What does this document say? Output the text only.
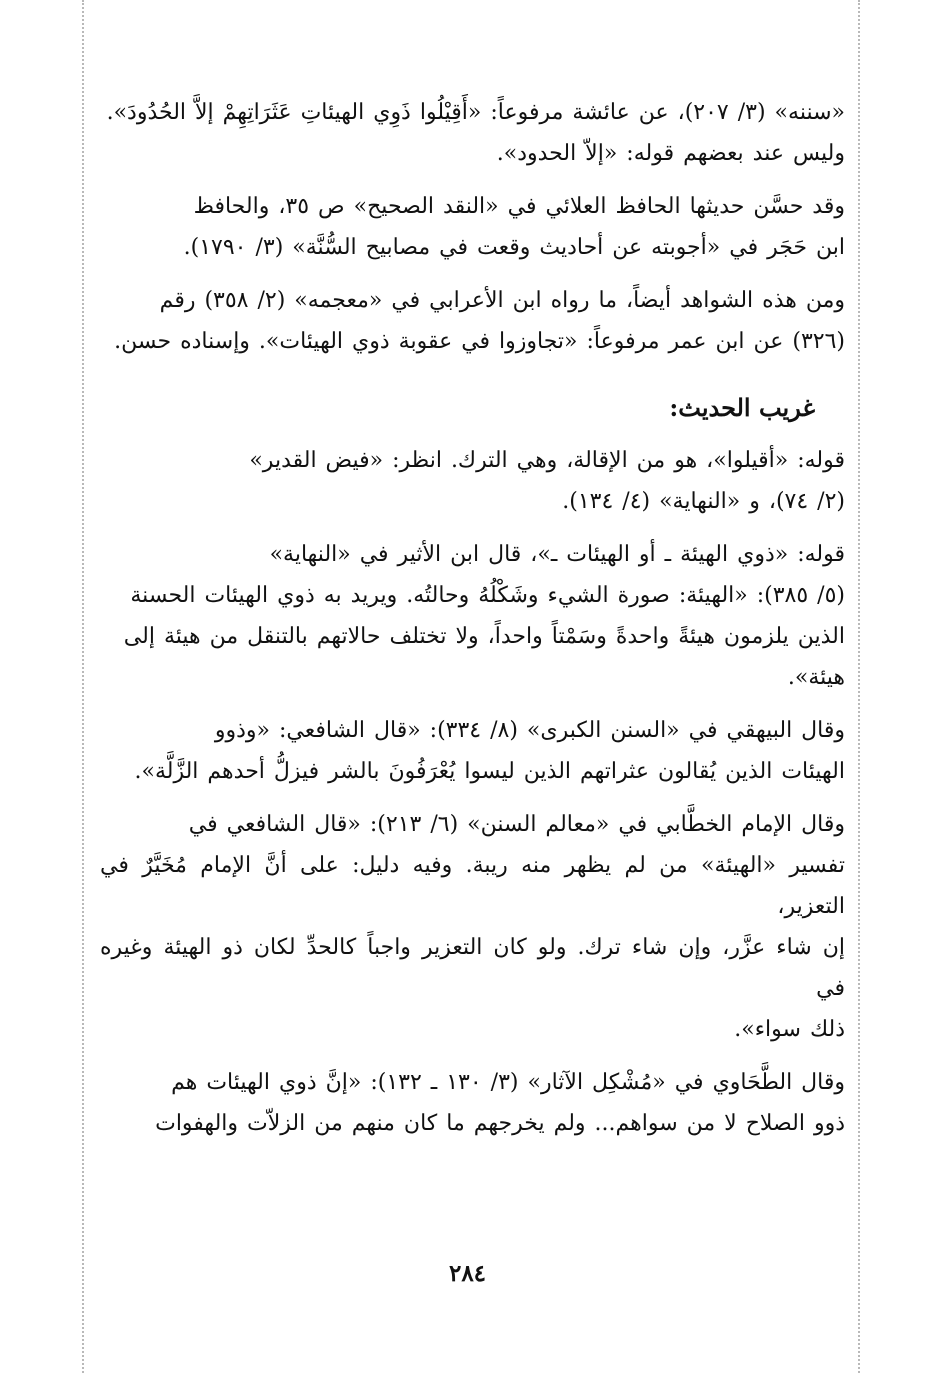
«سننه» (٣/ ٢٠٧)، عن عائشة مرفوعاً: «أَقِيْلُوا ذَوِي الهيئاتِ عَثَرَاتِهِمْ إلاَّ الحُدُودَ».
وليس عند بعضهم قوله: «إلاّ الحدود».

وقد حسَّن حديثها الحافظ العلائي في «النقد الصحيح» ص ٣٥، والحافظ
ابن حَجَر في «أجوبته عن أحاديث وقعت في مصابيح السُّنَّة» (٣/ ١٧٩٠).

ومن هذه الشواهد أيضاً، ما رواه ابن الأعرابي في «معجمه» (٢/ ٣٥٨) رقم
(٣٢٦) عن ابن عمر مرفوعاً: «تجاوزوا في عقوبة ذوي الهيئات». وإسناده حسن.

غريب الحديث:

قوله: «أقيلوا»، هو من الإقالة، وهي الترك. انظر: «فيض القدير»
(٢/ ٧٤)، و «النهاية» (٤/ ١٣٤).

قوله: «ذوي الهيئة ـ أو الهيئات ـ»، قال ابن الأثير في «النهاية»
(٥/ ٣٨٥): «الهيئة: صورة الشيء وشَكْلُهُ وحالتُه. ويريد به ذوي الهيئات الحسنة
الذين يلزمون هيئةً واحدةً وسَمْتاً واحداً، ولا تختلف حالاتهم بالتنقل من هيئة إلى
هيئة».

وقال البيهقي في «السنن الكبرى» (٨/ ٣٣٤): «قال الشافعي: «وذوو
الهيئات الذين يُقالون عثراتهم الذين ليسوا يُعْرَفُونَ بالشر فيزلُّ أحدهم الزَّلَّة».

وقال الإمام الخطَّابي في «معالم السنن» (٦/ ٢١٣): «قال الشافعي في
تفسير «الهيئة» من لم يظهر منه ريبة. وفيه دليل: على أنَّ الإمام مُخَيَّرٌ في التعزير،
إن شاء عزَّر، وإن شاء ترك. ولو كان التعزير واجباً كالحدِّ لكان ذو الهيئة وغيره في
ذلك سواء».

وقال الطَّحَاوي في «مُشْكِل الآثار» (٣/ ١٣٠ ـ ١٣٢): «إنَّ ذوي الهيئات هم
ذوو الصلاح لا من سواهم... ولم يخرجهم ما كان منهم من الزلاّت والهفوات

٢٨٤
